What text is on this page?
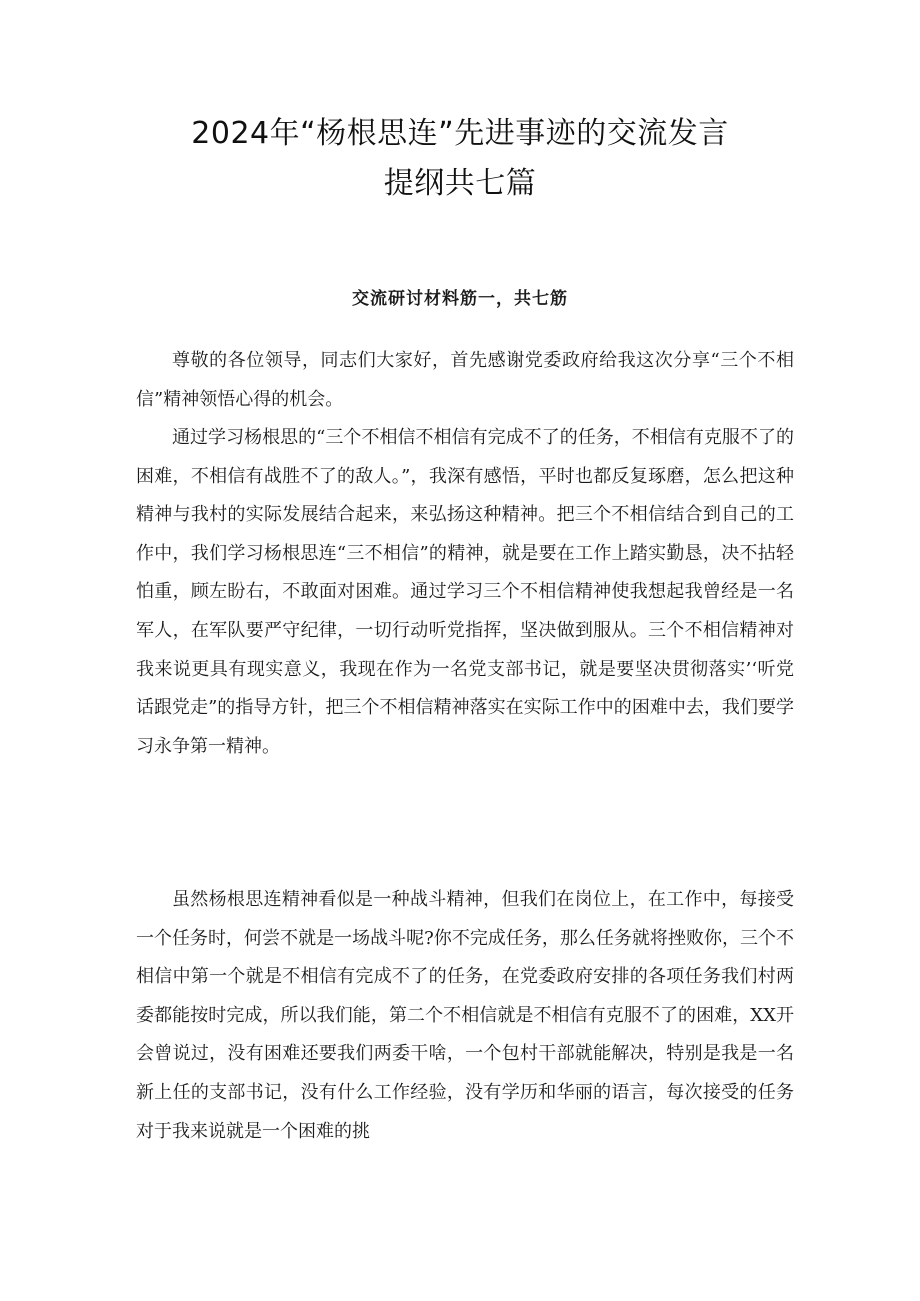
2024年“杨根思连”先进事迹的交流发言
提纲共七篇
交流研讨材料筋一，共七筋

尊敬的各位领导，同志们大家好，首先感谢党委政府给我这次分享“三个不相信”精神领悟心得的机会。

通过学习杨根思的“三个不相信不相信有完成不了的任务，不相信有克服不了的困难，不相信有战胜不了的敌人。”，我深有感悟，平时也都反复琢磨，怎么把这种精神与我村的实际发展结合起来，来弘扬这种精神。把三个不相信结合到自己的工作中，我们学习杨根思连“三不相信”的精神，就是要在工作上踏实勤恳，决不拈轻怕重，顾左盼右，不敢面对困难。通过学习三个不相信精神使我想起我曾经是一名军人，在军队要严守纪律，一切行动听党指挥，坚决做到服从。三个不相信精神对我来说更具有现实意义，我现在作为一名党支部书记，就是要坚决贯彻落实’‘听党话跟党走”的指导方针，把三个不相信精神落实在实际工作中的困难中去，我们要学习永争第一精神。

虽然杨根思连精神看似是一种战斗精神，但我们在岗位上，在工作中，每接受一个任务时，何尝不就是一场战斗呢?你不完成任务，那么任务就将挫败你，三个不相信中第一个就是不相信有完成不了的任务，在党委政府安排的各项任务我们村两委都能按时完成，所以我们能，第二个不相信就是不相信有克服不了的困难，XX开会曾说过，没有困难还要我们两委干啥，一个包村干部就能解决，特别是我是一名新上任的支部书记，没有什么工作经验，没有学历和华丽的语言，每次接受的任务对于我来说就是一个困难的挑
